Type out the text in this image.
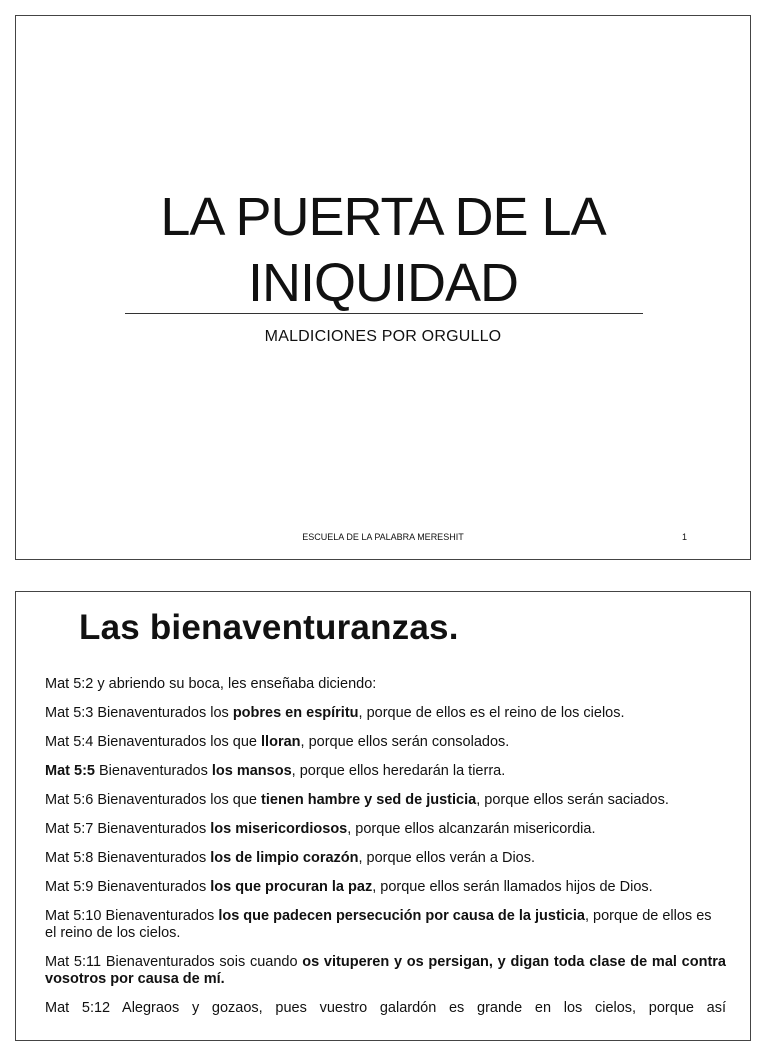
LA PUERTA DE LA
INIQUIDAD
MALDICIONES POR ORGULLO
ESCUELA DE LA PALABRA MERESHIT	1
Las bienaventuranzas.

Mat 5:2 y abriendo su boca, les enseñaba diciendo:

Mat 5:3 Bienaventurados los pobres en espíritu, porque de ellos es el reino de los cielos.

Mat 5:4 Bienaventurados los que lloran, porque ellos serán consolados.

Mat 5:5 Bienaventurados los mansos, porque ellos heredarán la tierra.

Mat 5:6 Bienaventurados los que tienen hambre y sed de justicia, porque ellos serán saciados.

Mat 5:7 Bienaventurados los misericordiosos, porque ellos alcanzarán misericordia.

Mat 5:8 Bienaventurados los de limpio corazón, porque ellos verán a Dios.

Mat 5:9 Bienaventurados los que procuran la paz, porque ellos serán llamados hijos de Dios.

Mat 5:10 Bienaventurados los que padecen persecución por causa de la justicia, porque de ellos es el reino de los cielos.

Mat 5:11 Bienaventurados sois cuando os vituperen y os persigan, y digan toda clase de mal contra vosotros por causa de mí.

Mat 5:12 Alegraos y gozaos, pues vuestro galardón es grande en los cielos, porque así
